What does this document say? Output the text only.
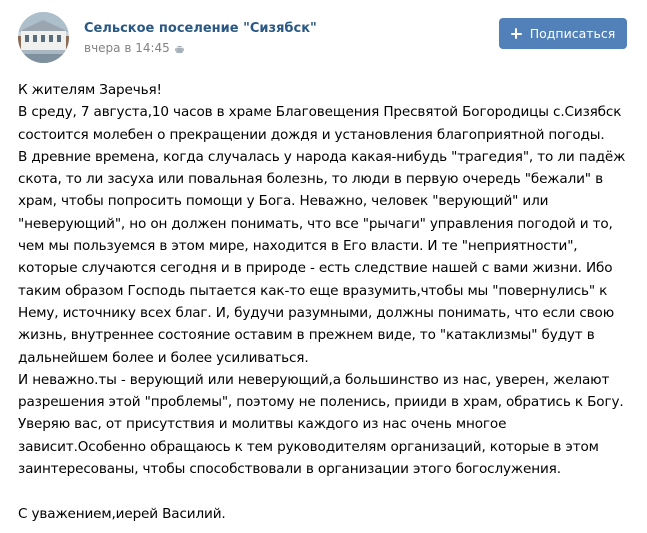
Сельское поселение "Сизябск"
вчера в 14:45
Подписаться
К жителям Заречья!
В среду, 7 августа,10 часов в храме Благовещения Пресвятой Богородицы с.Сизябск
состоится молебен о прекращении дождя и установления благоприятной погоды.
В древние времена, когда случалась у народа какая-нибудь "трагедия", то ли падёж
скота, то ли засуха или повальная болезнь, то люди в первую очередь "бежали" в
храм, чтобы попросить помощи у Бога. Неважно, человек "верующий" или
"неверующий", но он должен понимать, что все "рычаги" управления погодой и то,
чем мы пользуемся в этом мире, находится в Его власти. И те "неприятности",
которые случаются сегодня и в природе - есть следствие нашей с вами жизни. Ибо
таким образом Господь пытается как-то еще вразумить,чтобы мы "повернулись" к
Нему, источнику всех благ. И, будучи разумными, должны понимать, что если свою
жизнь, внутреннее состояние оставим в прежнем виде, то "катаклизмы" будут в
дальнейшем более и более усиливаться.
И неважно.ты - верующий или неверующий,а большинство из нас, уверен, желают
разрешения этой "проблемы", поэтому не поленись, прииди в храм, обратись к Богу.
Уверяю вас, от присутствия и молитвы каждого из нас очень многое
зависит.Особенно обращаюсь к тем руководителям организаций, которые в этом
заинтересованы, чтобы способствовали в организации этого богослужения.
С уважением,иерей Василий.
